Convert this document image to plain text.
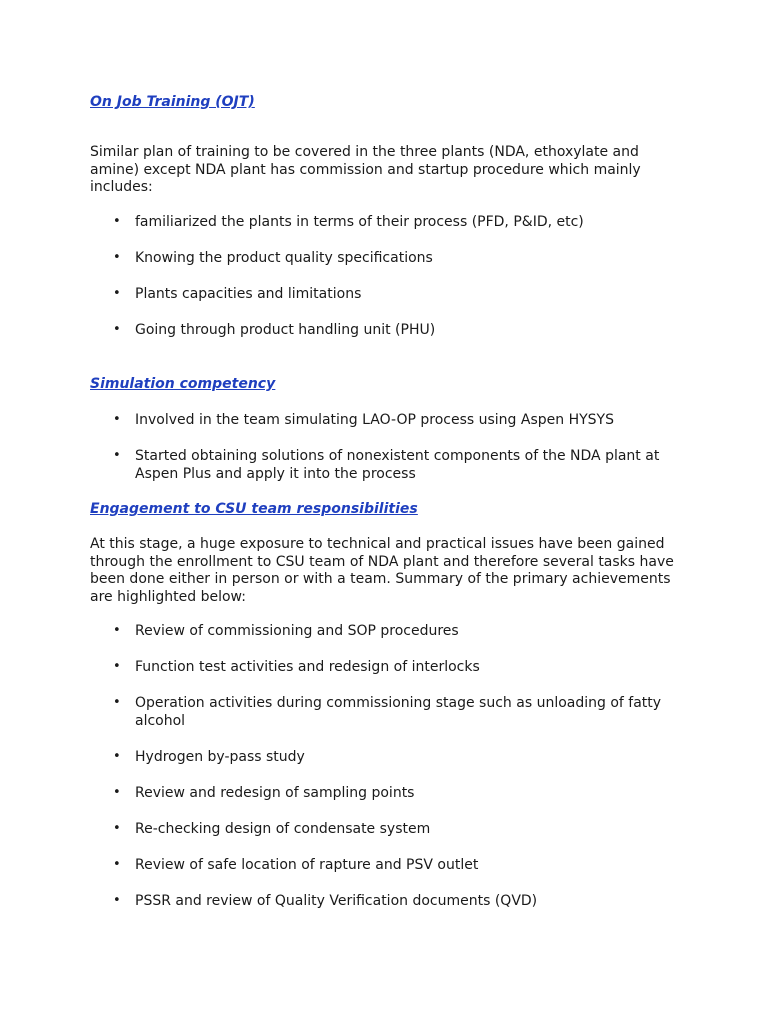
On Job Training (OJT)
Similar plan of training to be covered in the three plants (NDA, ethoxylate and amine) except NDA plant has commission and startup procedure which mainly includes:
• familiarized the plants in terms of their process (PFD, P&ID, etc)
• Knowing the product quality specifications
• Plants capacities and limitations
• Going through product handling unit (PHU)
Simulation competency
• Involved in the team simulating LAO-OP process using Aspen HYSYS
• Started obtaining solutions of nonexistent components of the NDA plant at Aspen Plus and apply it into the process
Engagement to CSU team responsibilities
At this stage, a huge exposure to technical and practical issues have been gained through the enrollment to CSU team of NDA plant and therefore several tasks have been done either in person or with a team. Summary of the primary achievements are highlighted below:
• Review of commissioning and SOP procedures
• Function test activities and redesign of interlocks
• Operation activities during commissioning stage such as unloading of fatty alcohol
• Hydrogen by-pass study
• Review and redesign of sampling points
• Re-checking design of condensate system
• Review of safe location of rapture and PSV outlet
• PSSR and review of Quality Verification documents (QVD)
